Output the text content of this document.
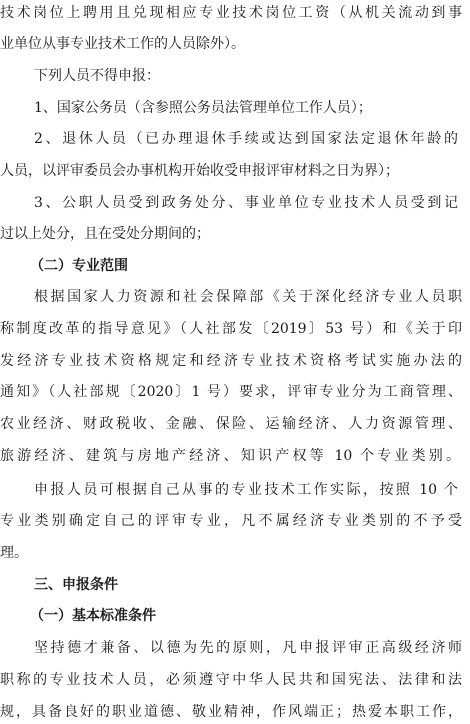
技术岗位上聘用且兑现相应专业技术岗位工资（从机关流动到事
业单位从事专业技术工作的人员除外）。
下列人员不得申报：
1、国家公务员（含参照公务员法管理单位工作人员）；
2、退休人员（已办理退休手续或达到国家法定退休年龄的
人员，以评审委员会办事机构开始收受申报评审材料之日为界）；
3、公职人员受到政务处分、事业单位专业技术人员受到记
过以上处分，且在受处分期间的；
（二）专业范围
根据国家人力资源和社会保障部《关于深化经济专业人员职
称制度改革的指导意见》（人社部发〔2019〕53 号）和《关于印
发经济专业技术资格规定和经济专业技术资格考试实施办法的
通知》（人社部规〔2020〕1 号）要求，评审专业分为工商管理、
农业经济、财政税收、金融、保险、运输经济、人力资源管理、
旅游经济、建筑与房地产经济、知识产权等 10 个专业类别。
申报人员可根据自己从事的专业技术工作实际，按照 10 个
专业类别确定自己的评审专业，凡不属经济专业类别的不予受
理。
三、申报条件
（一）基本标准条件
坚持德才兼备、以德为先的原则，凡申报评审正高级经济师
职称的专业技术人员，必须遵守中华人民共和国宪法、法律和法
规，具备良好的职业道德、敬业精神，作风端正；热爱本职工作，
